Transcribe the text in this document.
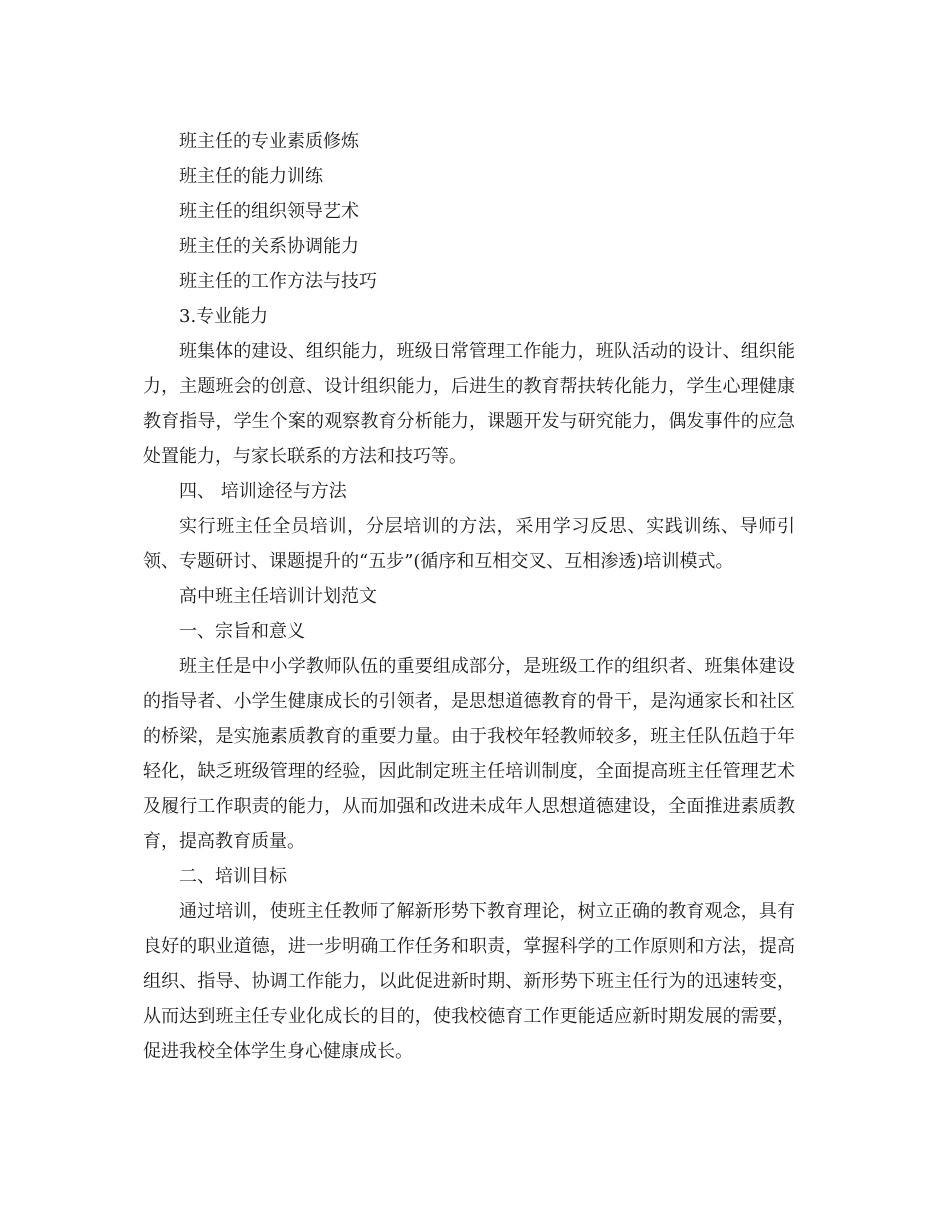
班主任的专业素质修炼

班主任的能力训练

班主任的组织领导艺术

班主任的关系协调能力

班主任的工作方法与技巧

3.专业能力

班集体的建设、组织能力，班级日常管理工作能力，班队活动的设计、组织能力，主题班会的创意、设计组织能力，后进生的教育帮扶转化能力，学生心理健康教育指导，学生个案的观察教育分析能力，课题开发与研究能力，偶发事件的应急处置能力，与家长联系的方法和技巧等。

四、 培训途径与方法

实行班主任全员培训，分层培训的方法，采用学习反思、实践训练、导师引领、专题研讨、课题提升的“五步”(循序和互相交叉、互相渗透)培训模式。

高中班主任培训计划范文

一、宗旨和意义

班主任是中小学教师队伍的重要组成部分，是班级工作的组织者、班集体建设的指导者、小学生健康成长的引领者，是思想道德教育的骨干，是沟通家长和社区的桥梁，是实施素质教育的重要力量。由于我校年轻教师较多，班主任队伍趋于年轻化，缺乏班级管理的经验，因此制定班主任培训制度，全面提高班主任管理艺术及履行工作职责的能力，从而加强和改进未成年人思想道德建设，全面推进素质教育，提高教育质量。

二、培训目标

通过培训，使班主任教师了解新形势下教育理论，树立正确的教育观念，具有良好的职业道德，进一步明确工作任务和职责，掌握科学的工作原则和方法，提高组织、指导、协调工作能力，以此促进新时期、新形势下班主任行为的迅速转变，从而达到班主任专业化成长的目的，使我校德育工作更能适应新时期发展的需要，促进我校全体学生身心健康成长。
